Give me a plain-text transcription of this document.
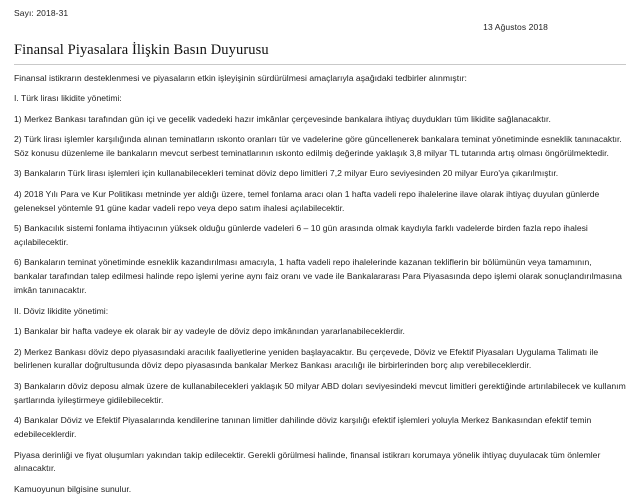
Sayı: 2018-31
13 Ağustos 2018
Finansal Piyasalara İlişkin Basın Duyurusu

Finansal istikrarın desteklenmesi ve piyasaların etkin işleyişinin sürdürülmesi amaçlarıyla aşağıdaki tedbirler alınmıştır:

I. Türk lirası likidite yönetimi:

1) Merkez Bankası tarafından gün içi ve gecelik vadedeki hazır imkânlar çerçevesinde bankalara ihtiyaç duydukları tüm likidite sağlanacaktır.

2) Türk lirası işlemler karşılığında alınan teminatların ıskonto oranları tür ve vadelerine göre güncellenerek bankalara teminat yönetiminde esneklik tanınacaktır. Söz konusu düzenleme ile bankaların mevcut serbest teminatlarının ıskonto edilmiş değerinde yaklaşık 3,8 milyar TL tutarında artış olması öngörülmektedir.

3) Bankaların Türk lirası işlemleri için kullanabilecekleri teminat döviz depo limitleri 7,2 milyar Euro seviyesinden 20 milyar Euro'ya çıkarılmıştır.

4) 2018 Yılı Para ve Kur Politikası metninde yer aldığı üzere, temel fonlama aracı olan 1 hafta vadeli repo ihalelerine ilave olarak ihtiyaç duyulan günlerde geleneksel yöntemle 91 güne kadar vadeli repo veya depo satım ihalesi açılabilecektir.

5) Bankacılık sistemi fonlama ihtiyacının yüksek olduğu günlerde vadeleri 6 – 10 gün arasında olmak kaydıyla farklı vadelerde birden fazla repo ihalesi açılabilecektir.

6) Bankaların teminat yönetiminde esneklik kazandırılması amacıyla, 1 hafta vadeli repo ihalelerinde kazanan tekliflerin bir bölümünün veya tamamının, bankalar tarafından talep edilmesi halinde repo işlemi yerine aynı faiz oranı ve vade ile Bankalararası Para Piyasasında depo işlemi olarak sonuçlandırılmasına imkân tanınacaktır.

II. Döviz likidite yönetimi:

1) Bankalar bir hafta vadeye ek olarak bir ay vadeyle de döviz depo imkânından yararlanabileceklerdir.

2) Merkez Bankası döviz depo piyasasındaki aracılık faaliyetlerine yeniden başlayacaktır. Bu çerçevede, Döviz ve Efektif Piyasaları Uygulama Talimatı ile belirlenen kurallar doğrultusunda döviz depo piyasasında bankalar Merkez Bankası aracılığı ile birbirlerinden borç alıp verebileceklerdir.

3) Bankaların döviz deposu almak üzere de kullanabilecekleri yaklaşık 50 milyar ABD doları seviyesindeki mevcut limitleri gerektiğinde artırılabilecek ve kullanım şartlarında iyileştirmeye gidilebilecektir.

4) Bankalar Döviz ve Efektif Piyasalarında kendilerine tanınan limitler dahilinde döviz karşılığı efektif işlemleri yoluyla Merkez Bankasından efektif temin edebileceklerdir.

Piyasa derinliği ve fiyat oluşumları yakından takip edilecektir. Gerekli görülmesi halinde, finansal istikrarı korumaya yönelik ihtiyaç duyulacak tüm önlemler alınacaktır.

Kamuoyunun bilgisine sunulur.
